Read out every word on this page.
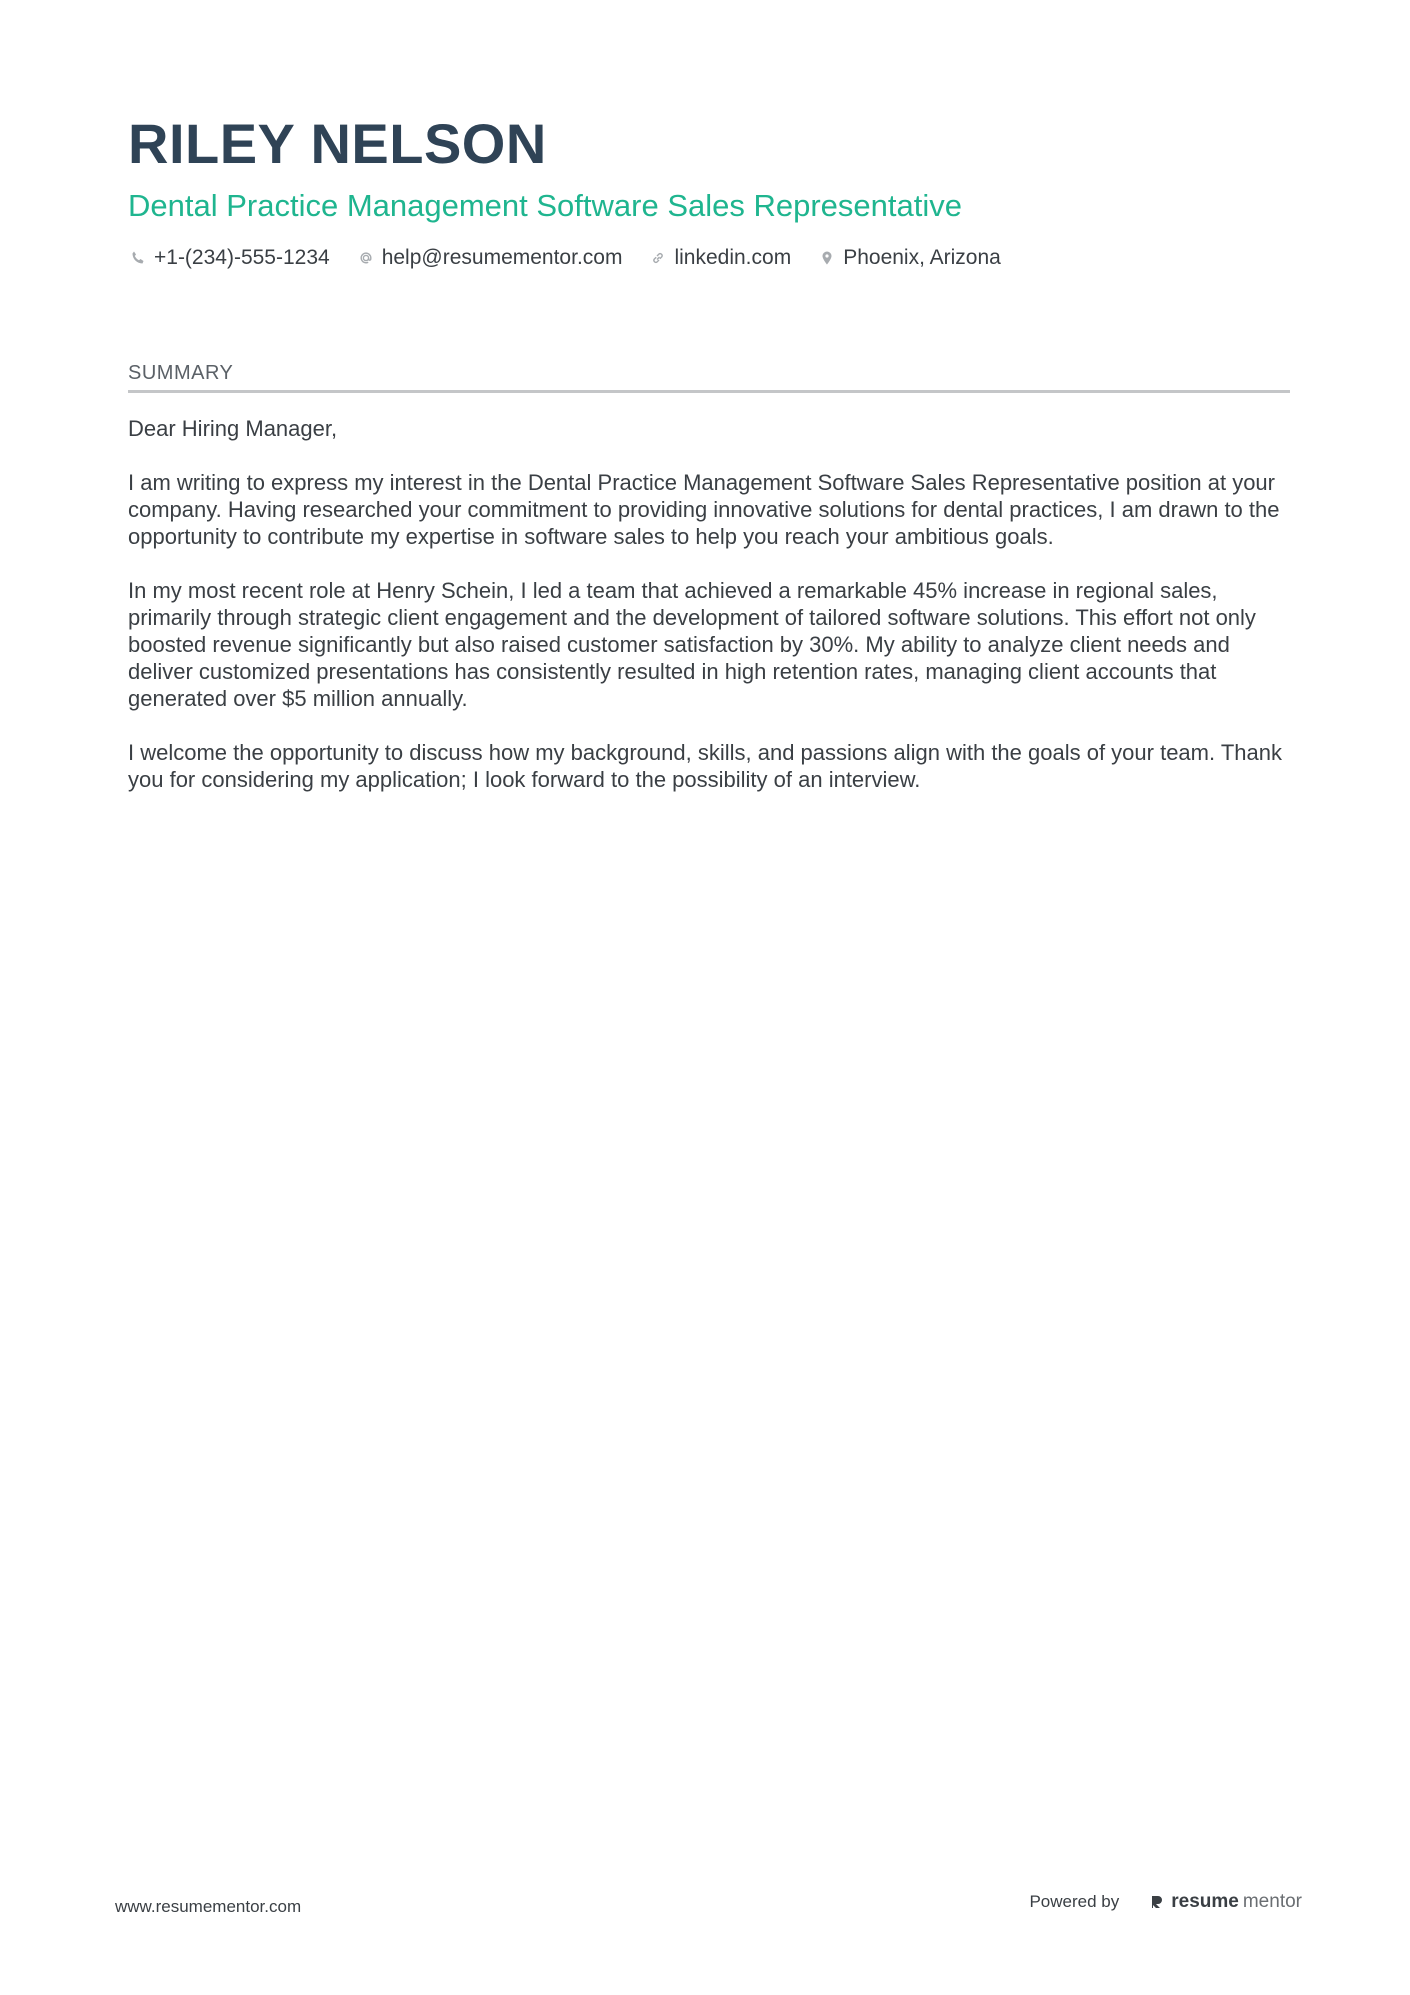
RILEY NELSON
Dental Practice Management Software Sales Representative
+1-(234)-555-1234 help@resumementor.com linkedin.com Phoenix, Arizona
SUMMARY

Dear Hiring Manager,

I am writing to express my interest in the Dental Practice Management Software Sales Representative position at your company. Having researched your commitment to providing innovative solutions for dental practices, I am drawn to the opportunity to contribute my expertise in software sales to help you reach your ambitious goals.

In my most recent role at Henry Schein, I led a team that achieved a remarkable 45% increase in regional sales, primarily through strategic client engagement and the development of tailored software solutions. This effort not only boosted revenue significantly but also raised customer satisfaction by 30%. My ability to analyze client needs and deliver customized presentations has consistently resulted in high retention rates, managing client accounts that generated over $5 million annually.

I welcome the opportunity to discuss how my background, skills, and passions align with the goals of your team. Thank you for considering my application; I look forward to the possibility of an interview.

www.resumementor.com	Powered by	resume mentor
